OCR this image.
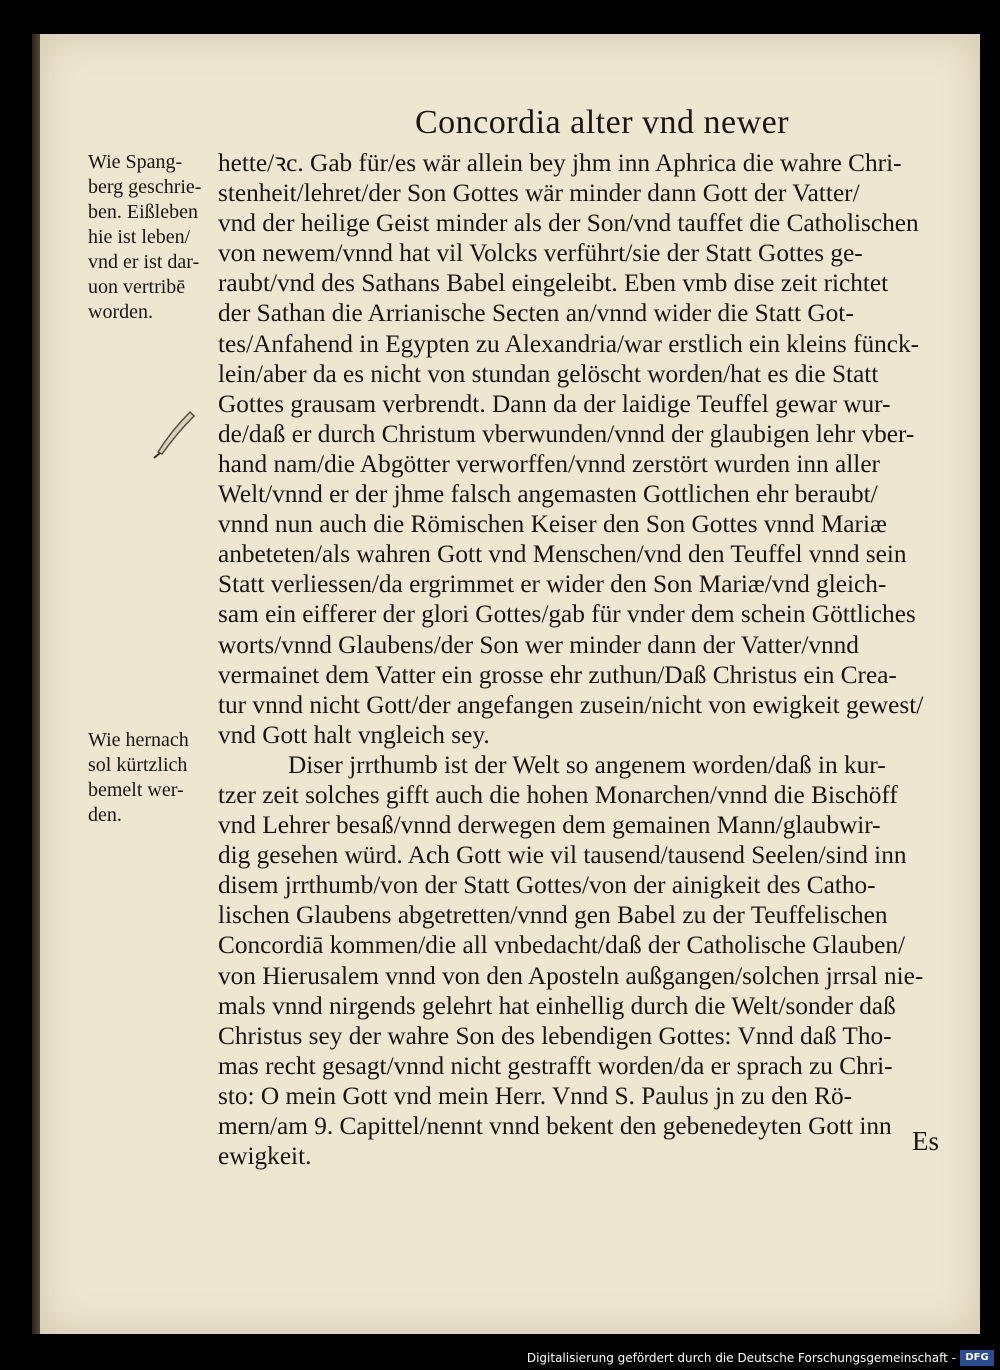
Concordia alter vnd newer
Wie Spang-
berg geschrie-
ben. Eißleben
hie ist leben/
vnd er ist dar-
uon vertribē
worden.
Wie hernach
sol kürtzlich
bemelt wer-
den.
hette/ꝛc. Gab für/es wär allein bey jhm inn Aphrica die wahre Chri-
stenheit/lehret/der Son Gottes wär minder dann Gott der Vatter/
vnd der heilige Geist minder als der Son/vnd tauffet die Catholischen
von newem/vnnd hat vil Volcks verführt/sie der Statt Gottes ge-
raubt/vnd des Sathans Babel eingeleibt. Eben vmb dise zeit richtet
der Sathan die Arrianische Secten an/vnnd wider die Statt Got-
tes/Anfahend in Egypten zu Alexandria/war erstlich ein kleins fünck-
lein/aber da es nicht von stundan gelöscht worden/hat es die Statt
Gottes grausam verbrendt. Dann da der laidige Teuffel gewar wur-
de/daß er durch Christum vberwunden/vnnd der glaubigen lehr vber-
hand nam/die Abgötter verworffen/vnnd zerstört wurden inn aller
Welt/vnnd er der jhme falsch angemasten Gottlichen ehr beraubt/
vnnd nun auch die Römischen Keiser den Son Gottes vnnd Mariæ
anbeteten/als wahren Gott vnd Menschen/vnd den Teuffel vnnd sein
Statt verliessen/da ergrimmet er wider den Son Mariæ/vnd gleich-
sam ein eifferer der glori Gottes/gab für vnder dem schein Göttliches
worts/vnnd Glaubens/der Son wer minder dann der Vatter/vnnd
vermainet dem Vatter ein grosse ehr zuthun/Daß Christus ein Crea-
tur vnnd nicht Gott/der angefangen zusein/nicht von ewigkeit gewest/
vnd Gott halt vngleich sey.
Diser jrrthumb ist der Welt so angenem worden/daß in kur-
tzer zeit solches gifft auch die hohen Monarchen/vnnd die Bischöff
vnd Lehrer besaß/vnnd derwegen dem gemainen Mann/glaubwir-
dig gesehen würd. Ach Gott wie vil tausend/tausend Seelen/sind inn
disem jrrthumb/von der Statt Gottes/von der ainigkeit des Catho-
lischen Glaubens abgetretten/vnnd gen Babel zu der Teuffelischen
Concordiā kommen/die all vnbedacht/daß der Catholische Glauben/
von Hierusalem vnnd von den Aposteln außgangen/solchen jrrsal nie-
mals vnnd nirgends gelehrt hat einhellig durch die Welt/sonder daß
Christus sey der wahre Son des lebendigen Gottes: Vnnd daß Tho-
mas recht gesagt/vnnd nicht gestrafft worden/da er sprach zu Chri-
sto: O mein Gott vnd mein Herr. Vnnd S. Paulus jn zu den Rö-
mern/am 9. Capittel/nennt vnnd bekent den gebenedeyten Gott inn
ewigkeit.
Es
Digitalisierung gefördert durch die Deutsche Forschungsgemeinschaft - DFG
